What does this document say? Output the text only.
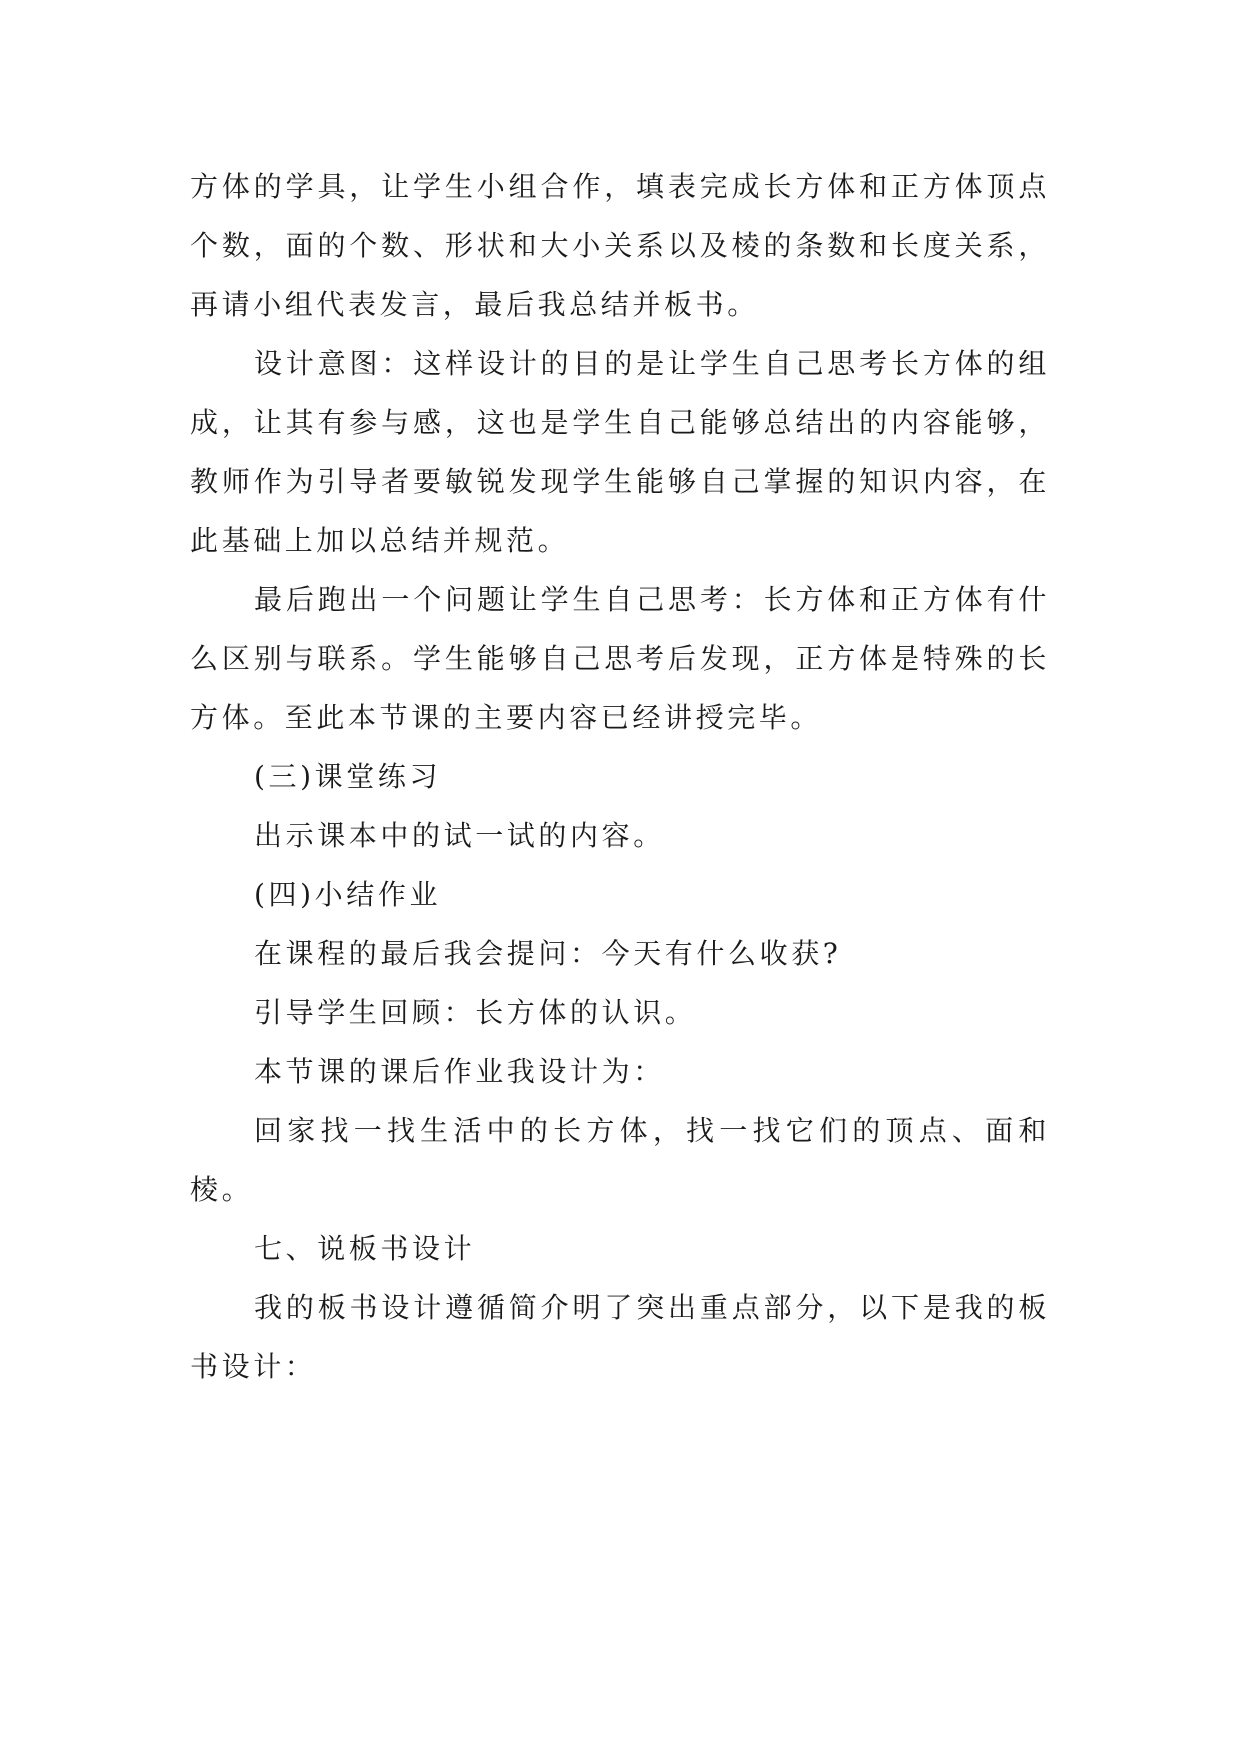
方体的学具，让学生小组合作，填表完成长方体和正方体顶点个数，面的个数、形状和大小关系以及棱的条数和长度关系，再请小组代表发言，最后我总结并板书。

设计意图：这样设计的目的是让学生自己思考长方体的组成，让其有参与感，这也是学生自己能够总结出的内容能够，教师作为引导者要敏锐发现学生能够自己掌握的知识内容，在此基础上加以总结并规范。

最后跑出一个问题让学生自己思考：长方体和正方体有什么区别与联系。学生能够自己思考后发现，正方体是特殊的长方体。至此本节课的主要内容已经讲授完毕。

(三)课堂练习

出示课本中的试一试的内容。

(四)小结作业

在课程的最后我会提问：今天有什么收获?

引导学生回顾：长方体的认识。

本节课的课后作业我设计为：

回家找一找生活中的长方体，找一找它们的顶点、面和棱。

七、说板书设计

我的板书设计遵循简介明了突出重点部分，以下是我的板书设计：
